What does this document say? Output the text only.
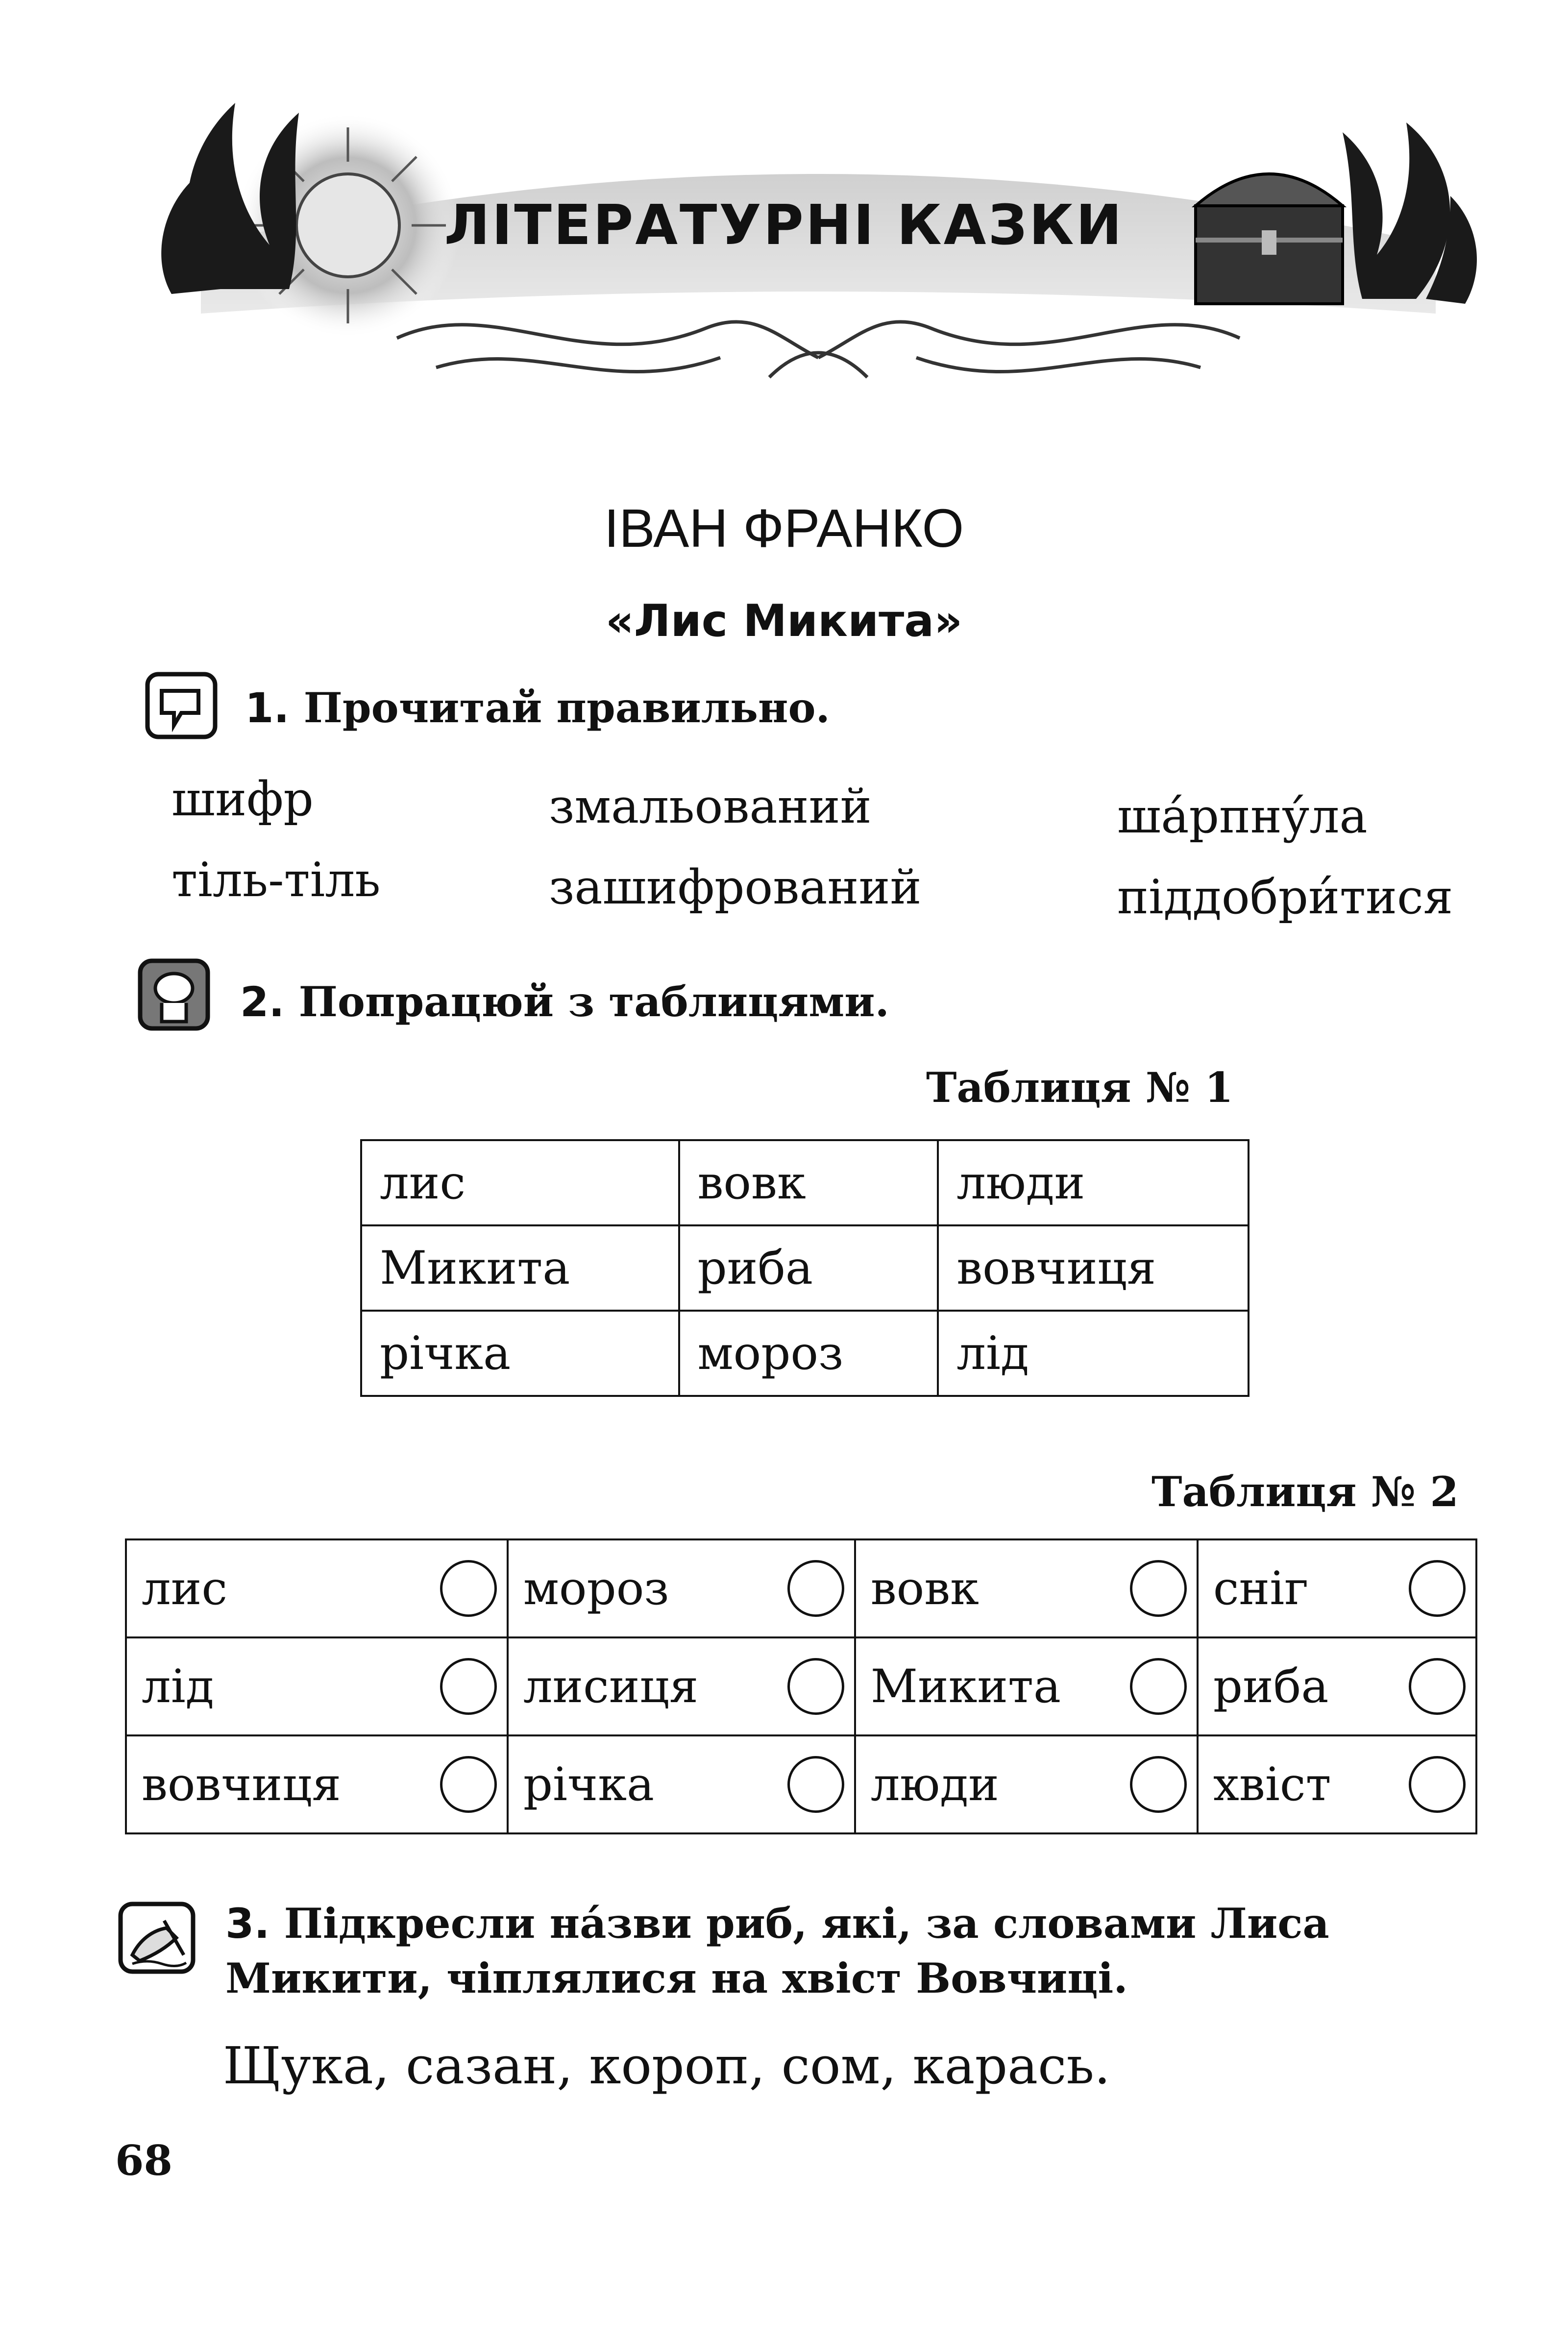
ЛІТЕРАТУРНІ КАЗКИ
ІВАН ФРАНКО
«Лис Микита»
1. Прочитай правильно.
шифр	змальований	ша́рпну́ла
тіль-тіль	зашифрований	піддобри́тися
2. Попрацюй з таблицями.
Таблиця № 1
лис	вовк	люди
Микита	риба	вовчиця
річка	мороз	лід
Таблиця № 2
лис	мороз	вовк	сніг

лід	лисиця	Микита	риба

вовчиця	річка	люди	хвіст
3. Підкресли на́зви риб, які, за словами Лиса Микити, чіплялися на хвіст Вовчиці.
Щука, сазан, короп, сом, карась.
68
